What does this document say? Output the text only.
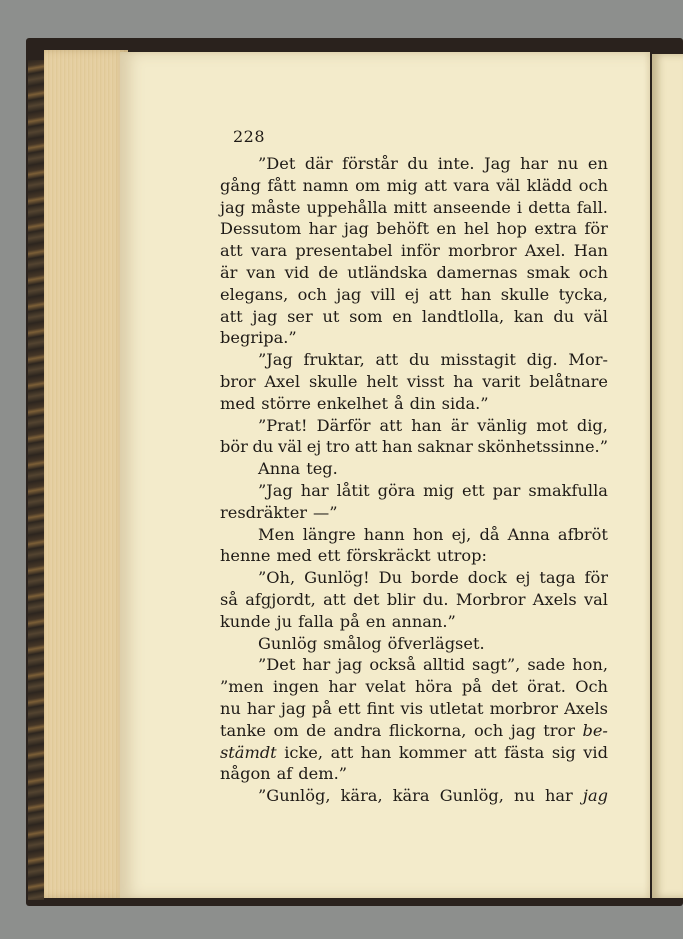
228
”Det där förstår du inte. Jag har nu en
gång fått namn om mig att vara väl klädd och
jag måste uppehålla mitt anseende i detta fall.
Dessutom har jag behöft en hel hop extra för
att vara presentabel inför morbror Axel. Han
är van vid de utländska damernas smak och
elegans, och jag vill ej att han skulle tycka,
att jag ser ut som en landtlolla, kan du väl
begripa.”
”Jag fruktar, att du misstagit dig. Mor-
bror Axel skulle helt visst ha varit belåtnare
med större enkelhet å din sida.”
”Prat! Därför att han är vänlig mot dig,
bör du väl ej tro att han saknar skönhetssinne.”
Anna teg.
”Jag har låtit göra mig ett par smakfulla
resdräkter —”
Men längre hann hon ej, då Anna afbröt
henne med ett förskräckt utrop:
”Oh, Gunlög! Du borde dock ej taga för
så afgjordt, att det blir du. Morbror Axels val
kunde ju falla på en annan.”
Gunlög smålog öfverlägset.
”Det har jag också alltid sagt”, sade hon,
”men ingen har velat höra på det örat. Och
nu har jag på ett fint vis utletat morbror Axels
tanke om de andra flickorna, och jag tror be-
stämdt icke, att han kommer att fästa sig vid
någon af dem.”
”Gunlög, kära, kära Gunlög, nu har jag
